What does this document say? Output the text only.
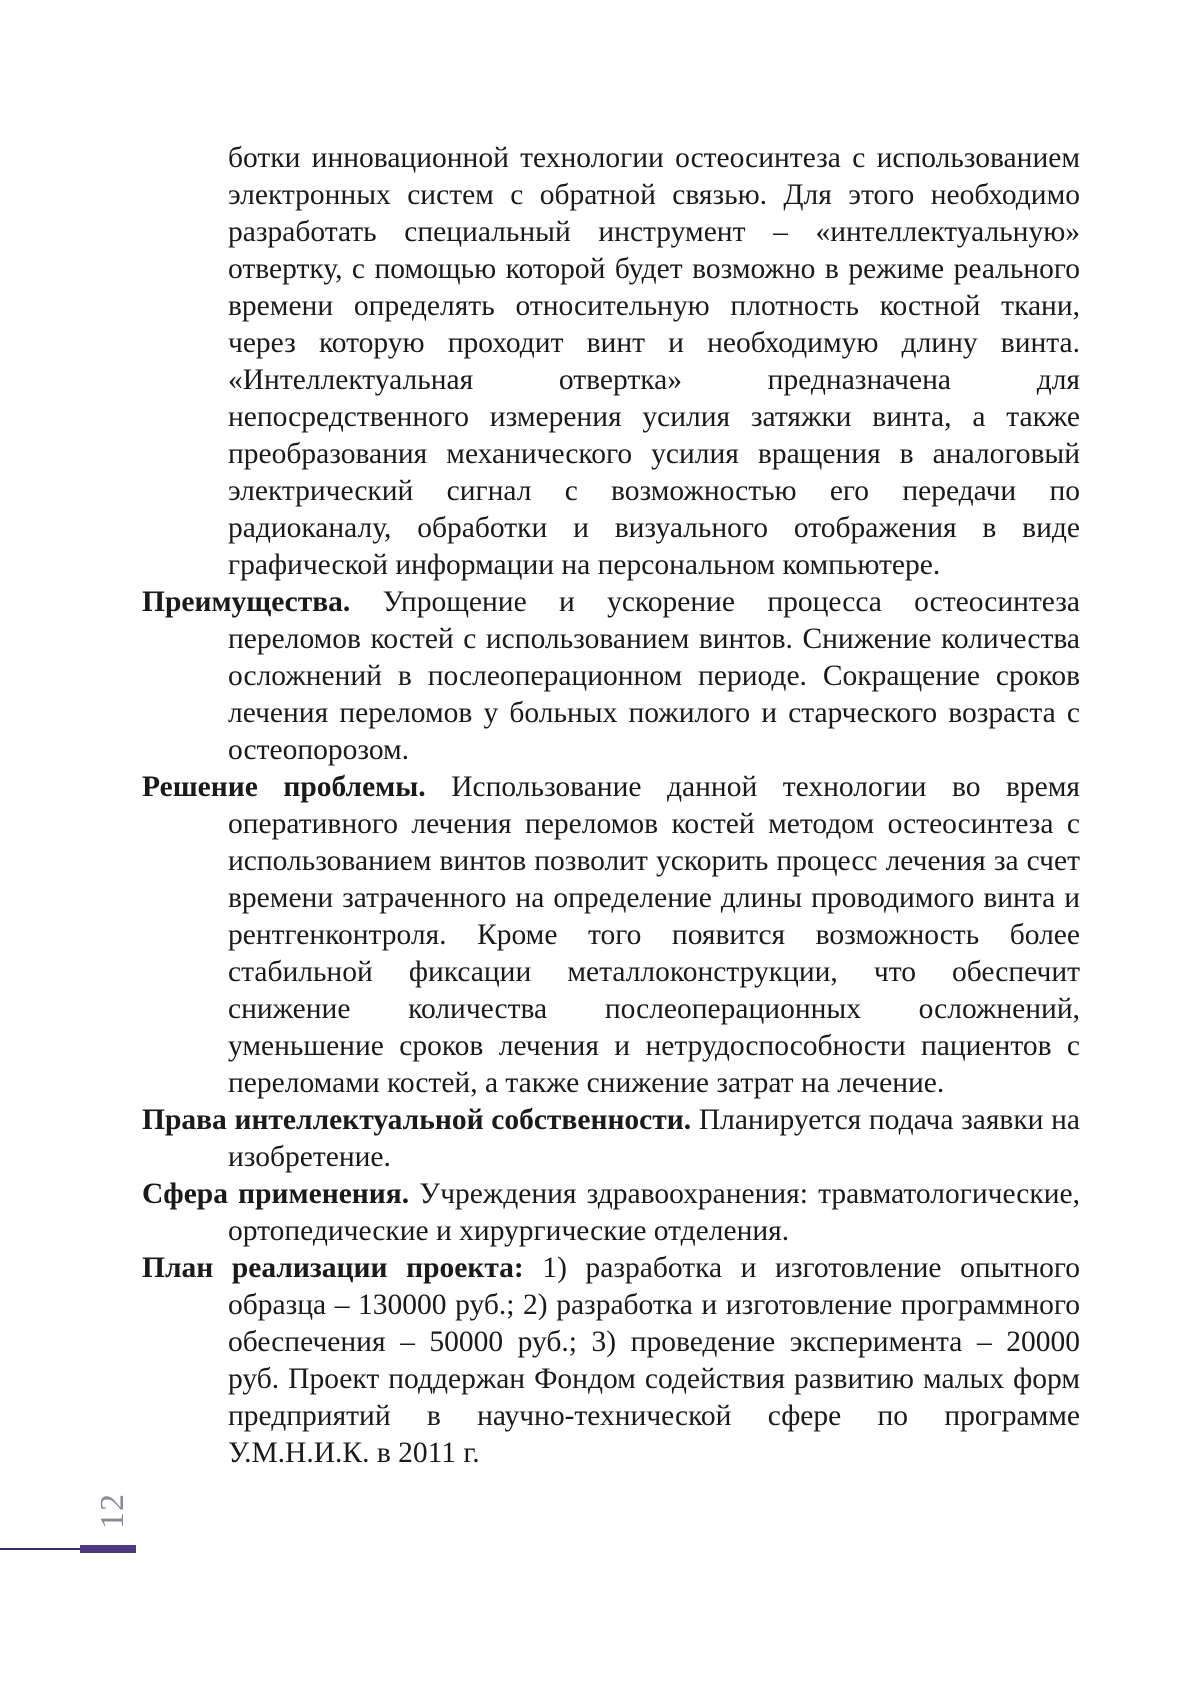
ботки инновационной технологии остеосинтеза с использованием электронных систем с обратной связью. Для этого необходимо разработать специальный инструмент – «интеллектуальную» отвертку, с помощью которой будет возможно в режиме реального времени определять относительную плотность костной ткани, через которую проходит винт и необходимую длину винта. «Интеллектуальная отвертка» предназначена для непосредственного измерения усилия затяжки винта, а также преобразования механического усилия вращения в аналоговый электрический сигнал с возможностью его передачи по радиоканалу, обработки и визуального отображения в виде графической информации на персональном компьютере.

Преимущества. Упрощение и ускорение процесса остеосинтеза переломов костей с использованием винтов. Снижение количества осложнений в послеоперационном периоде. Сокращение сроков лечения переломов у больных пожилого и старческого возраста с остеопорозом.

Решение проблемы. Использование данной технологии во время оперативного лечения переломов костей методом остеосинтеза с использованием винтов позволит ускорить процесс лечения за счет времени затраченного на определение длины проводимого винта и рентгенконтроля. Кроме того появится возможность более стабильной фиксации металлоконструкции, что обеспечит снижение количества послеоперационных осложнений, уменьшение сроков лечения и нетрудоспособности пациентов с переломами костей, а также снижение затрат на лечение.

Права интеллектуальной собственности. Планируется подача заявки на изобретение.

Сфера применения. Учреждения здравоохранения: травматологические, ортопедические и хирургические отделения.

План реализации проекта: 1) разработка и изготовление опытного образца – 130000 руб.; 2) разработка и изготовление программного обеспечения – 50000 руб.; 3) проведение эксперимента – 20000 руб. Проект поддержан Фондом содействия развитию малых форм предприятий в научно-технической сфере по программе У.М.Н.И.К. в 2011 г.

12
